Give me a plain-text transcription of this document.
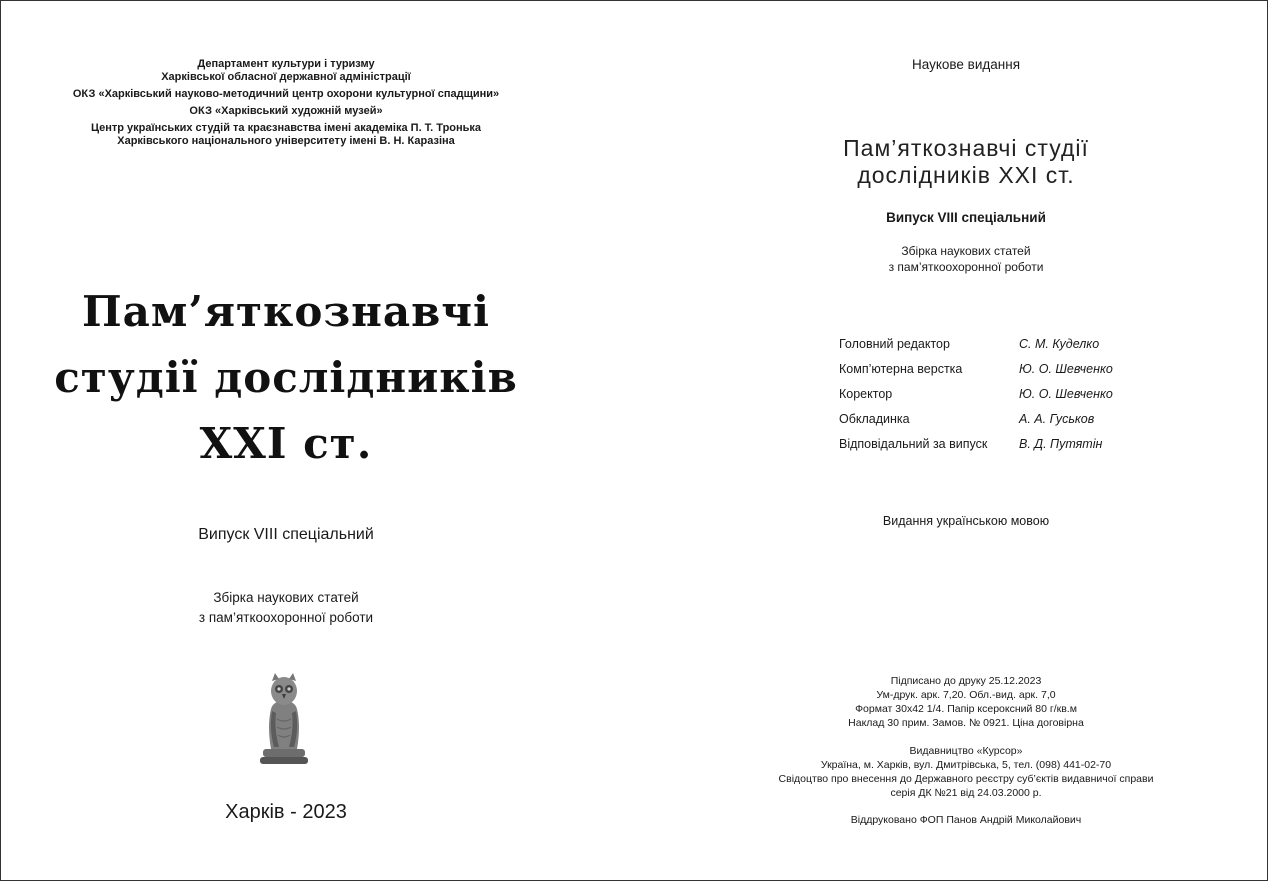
Департамент культури і туризму
Харківської обласної державної адміністрації
ОКЗ «Харківський науково-методичний центр охорони культурної спадщини»
ОКЗ «Харківський художній музей»
Центр українських студій та краєзнавства імені академіка П. Т. Тронька
Харківського національного університету імені В. Н. Каразіна
Пам’яткознавчі
студії дослідників
XXI ст.
Випуск VIII спеціальний
Збірка наукових статей
з пам’яткоохоронної роботи
Харків - 2023
Наукове видання
Пам’яткознавчі студії
дослідників XXI ст.
Випуск VIII спеціальний
Збірка наукових статей
з пам’яткоохоронної роботи
Головний редактор	С. М. Куделко
Комп’ютерна верстка	Ю. О. Шевченко
Коректор	Ю. О. Шевченко
Обкладинка	А. А. Гуськов
Відповідальний за випуск	В. Д. Путятін
Видання українською мовою
Підписано до друку 25.12.2023
Ум-друк. арк. 7,20. Обл.-вид. арк. 7,0
Формат 30x42 1/4. Папір ксероксний 80 г/кв.м
Наклад 30 прим. Замов. № 0921. Ціна договірна
Видавництво «Курсор»
Україна, м. Харків, вул. Дмитрівська, 5, тел. (098) 441-02-70
Свідоцтво про внесення до Державного реєстру суб’єктів видавничої справи
серія ДК №21 від 24.03.2000 р.
Віддруковано ФОП Панов Андрій Миколайович
